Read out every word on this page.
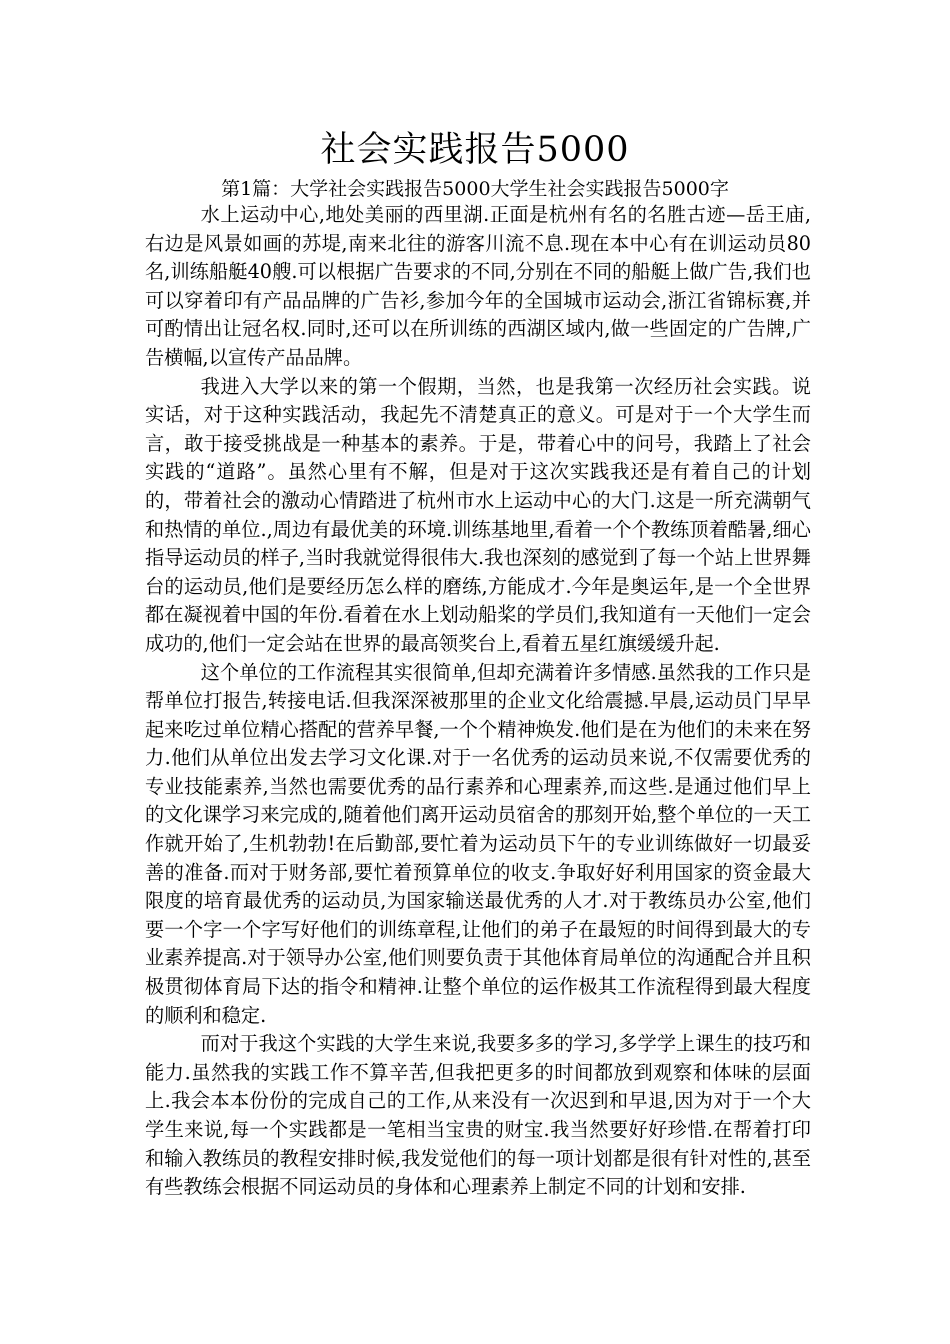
社会实践报告5000
第1篇：大学社会实践报告5000大学生社会实践报告5000字

水上运动中心,地处美丽的西里湖.正面是杭州有名的名胜古迹—岳王庙,右边是风景如画的苏堤,南来北往的游客川流不息.现在本中心有在训运动员80名,训练船艇40艘.可以根据广告要求的不同,分别在不同的船艇上做广告,我们也可以穿着印有产品品牌的广告衫,参加今年的全国城市运动会,浙江省锦标赛,并可酌情出让冠名权.同时,还可以在所训练的西湖区域内,做一些固定的广告牌,广告横幅,以宣传产品品牌。

我进入大学以来的第一个假期，当然，也是我第一次经历社会实践。说实话，对于这种实践活动，我起先不清楚真正的意义。可是对于一个大学生而言，敢于接受挑战是一种基本的素养。于是，带着心中的问号，我踏上了社会实践的“道路”。虽然心里有不解，但是对于这次实践我还是有着自己的计划的，带着社会的激动心情踏进了杭州市水上运动中心的大门.这是一所充满朝气和热情的单位.,周边有最优美的环境.训练基地里,看着一个个教练顶着酷暑,细心指导运动员的样子,当时我就觉得很伟大.我也深刻的感觉到了每一个站上世界舞台的运动员,他们是要经历怎么样的磨练,方能成才.今年是奥运年,是一个全世界都在凝视着中国的年份.看着在水上划动船桨的学员们,我知道有一天他们一定会成功的,他们一定会站在世界的最高领奖台上,看着五星红旗缓缓升起.

这个单位的工作流程其实很简单,但却充满着许多情感.虽然我的工作只是帮单位打报告,转接电话.但我深深被那里的企业文化给震撼.早晨,运动员门早早起来吃过单位精心搭配的营养早餐,一个个精神焕发.他们是在为他们的未来在努力.他们从单位出发去学习文化课.对于一名优秀的运动员来说,不仅需要优秀的专业技能素养,当然也需要优秀的品行素养和心理素养,而这些.是通过他们早上的文化课学习来完成的,随着他们离开运动员宿舍的那刻开始,整个单位的一天工作就开始了,生机勃勃!在后勤部,要忙着为运动员下午的专业训练做好一切最妥善的准备.而对于财务部,要忙着预算单位的收支.争取好好利用国家的资金最大限度的培育最优秀的运动员,为国家输送最优秀的人才.对于教练员办公室,他们要一个字一个字写好他们的训练章程,让他们的弟子在最短的时间得到最大的专业素养提高.对于领导办公室,他们则要负责于其他体育局单位的沟通配合并且积极贯彻体育局下达的指令和精神.让整个单位的运作极其工作流程得到最大程度的顺利和稳定.

而对于我这个实践的大学生来说,我要多多的学习,多学学上课生的技巧和能力.虽然我的实践工作不算辛苦,但我把更多的时间都放到观察和体味的层面上.我会本本份份的完成自己的工作,从来没有一次迟到和早退,因为对于一个大学生来说,每一个实践都是一笔相当宝贵的财宝.我当然要好好珍惜.在帮着打印和输入教练员的教程安排时候,我发觉他们的每一项计划都是很有针对性的,甚至有些教练会根据不同运动员的身体和心理素养上制定不同的计划和安排.
